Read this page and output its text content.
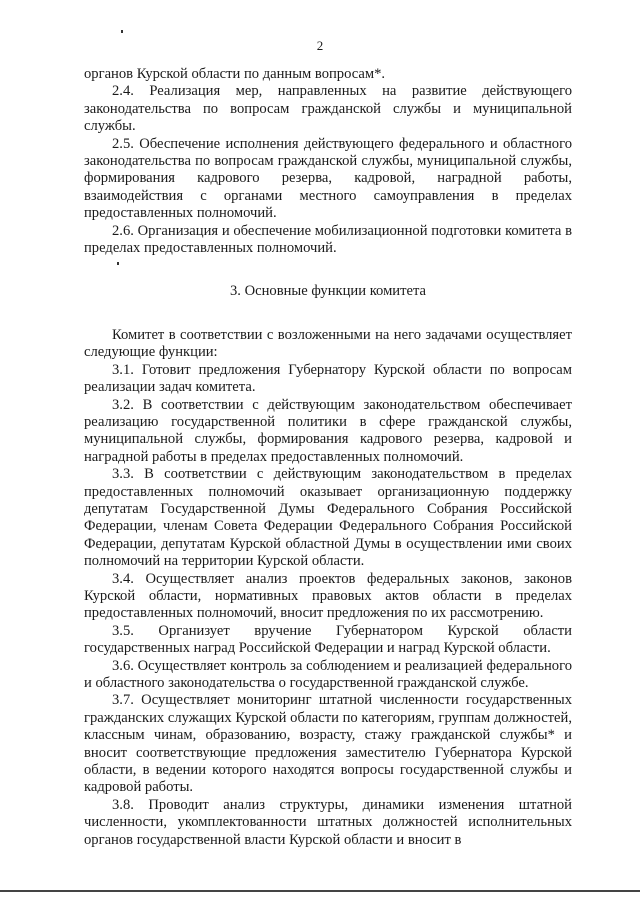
2

органов Курской области по данным вопросам*.

2.4. Реализация мер, направленных на развитие действующего законодательства по вопросам гражданской службы и муниципальной службы.

2.5. Обеспечение исполнения действующего федерального и областного законодательства по вопросам гражданской службы, муниципальной службы, формирования кадрового резерва, кадровой, наградной работы, взаимодействия с органами местного самоуправления в пределах предоставленных полномочий.

2.6. Организация и обеспечение мобилизационной подготовки комитета в пределах предоставленных полномочий.

3. Основные функции комитета

Комитет в соответствии с возложенными на него задачами осуществляет следующие функции:

3.1. Готовит предложения Губернатору Курской области по вопросам реализации задач комитета.

3.2. В соответствии с действующим законодательством обеспечивает реализацию государственной политики в сфере гражданской службы, муниципальной службы, формирования кадрового резерва, кадровой и наградной работы в пределах предоставленных полномочий.

3.3. В соответствии с действующим законодательством в пределах предоставленных полномочий оказывает организационную поддержку депутатам Государственной Думы Федерального Собрания Российской Федерации, членам Совета Федерации Федерального Собрания Российской Федерации, депутатам Курской областной Думы в осуществлении ими своих полномочий на территории Курской области.

3.4. Осуществляет анализ проектов федеральных законов, законов Курской области, нормативных правовых актов области в пределах предоставленных полномочий, вносит предложения по их рассмотрению.

3.5. Организует вручение Губернатором Курской области государственных наград Российской Федерации и наград Курской области.

3.6. Осуществляет контроль за соблюдением и реализацией федерального и областного законодательства о государственной гражданской службе.

3.7. Осуществляет мониторинг штатной численности государственных гражданских служащих Курской области по категориям, группам должностей, классным чинам, образованию, возрасту, стажу гражданской службы* и вносит соответствующие предложения заместителю Губернатора Курской области, в ведении которого находятся вопросы государственной службы и кадровой работы.

3.8. Проводит анализ структуры, динамики изменения штатной численности, укомплектованности штатных должностей исполнительных органов государственной власти Курской области и вносит в
